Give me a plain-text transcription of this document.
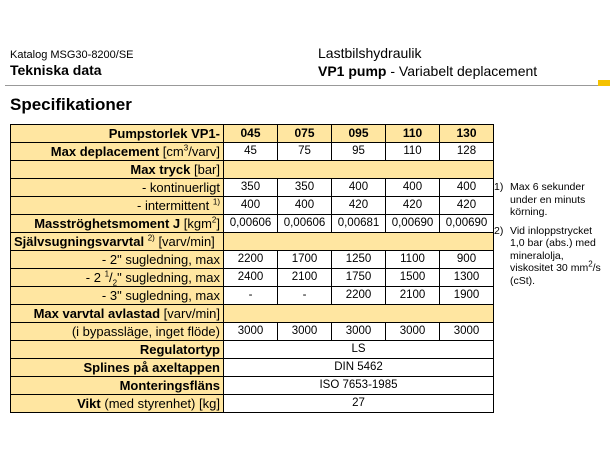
Katalog MSG30-8200/SE
Tekniska data
Lastbilshydraulik
VP1 pump - Variabelt deplacement
Specifikationer
Pumpstorlek VP1-	045	075	095	110	130
Max deplacement $[cm^3/varv]$	45	75	95	110	128
Max tryck [bar]					
- kontinuerligt	350	350	400	400	400
- intermittent $^{1)}$	400	400	420	420	420
Masströghetsmoment J [kgm$^2$]	0,00606	0,00606	0,00681	0,00690	0,00690
Självsugningsvarvtal $^{2)}$ [varv/min]					
- 2" sugledning, max	2200	1700	1250	1100	900
- 2 $^1/_2$" sugledning, max	2400	2100	1750	1500	1300
- 3" sugledning, max	-	-	2200	2100	1900
Max varvtal avlastad [varv/min]					
(i bypassläge, inget flöde)	3000	3000	3000	3000	3000
Regulatortyp	LS				
Splines på axeltappen	DIN 5462				
Monteringsfläns	ISO 7653-1985				
Vikt (med styrenhet) [kg]	27				
1) Max 6 sekunder under en minuts körning.
2) Vid inloppstrycket 1,0 bar (abs.) med mineralolja, viskositet 30 $mm^2/s$ (cSt).
